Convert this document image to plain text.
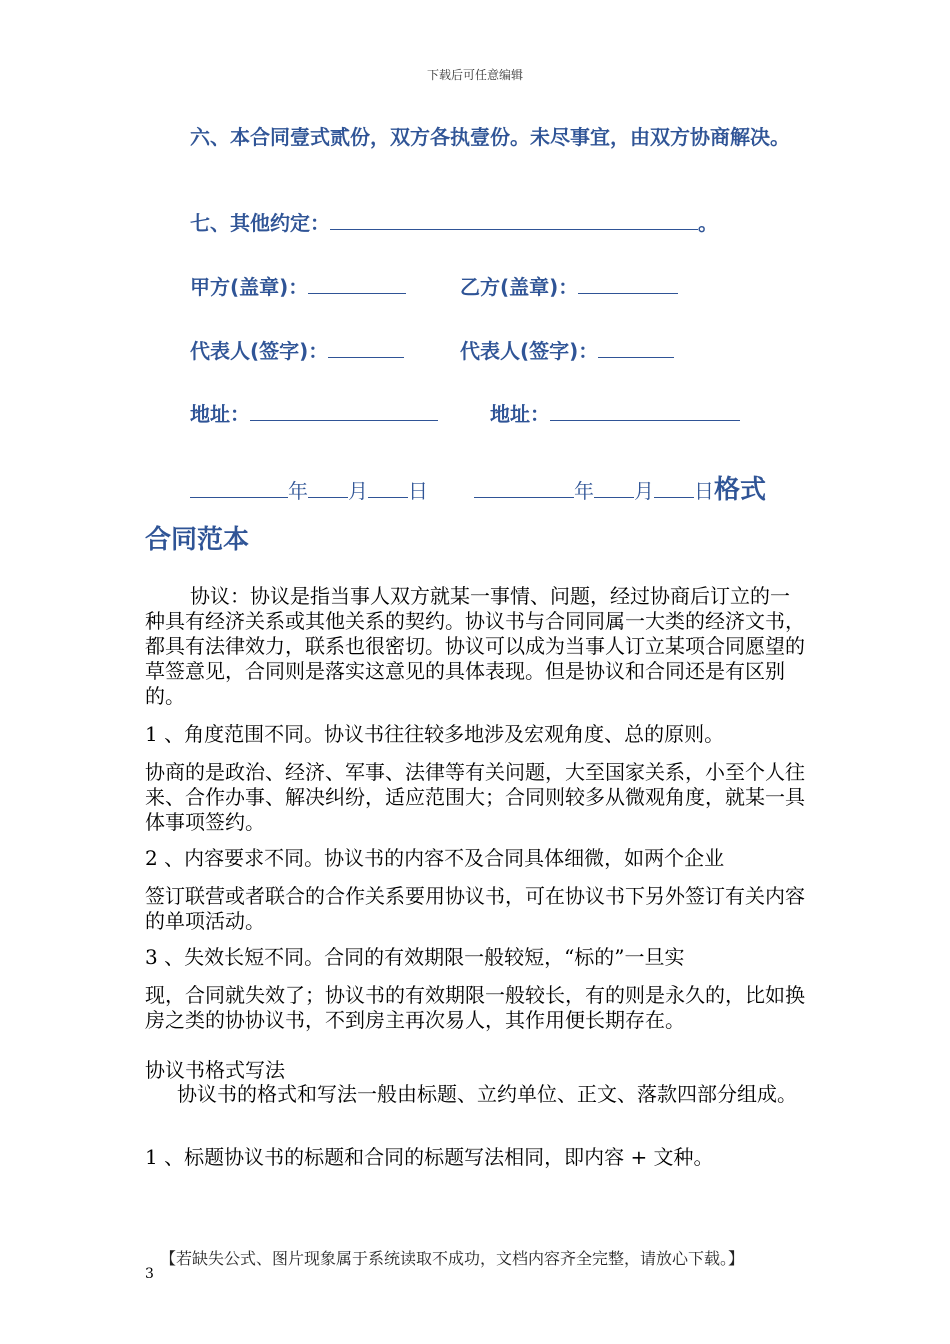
下载后可任意编辑
六、本合同壹式贰份，双方各执壹份。未尽事宜，由双方协商解决。
七、其他约定：	。
甲方(盖章)：	乙方(盖章)：
代表人(签字)：	代表人(签字)：
地址：	地址：
年 月 日	年 月 日格式
合同范本
协议：协议是指当事人双方就某一事情、问题，经过协商后订立的一种具有经济关系或其他关系的契约。协议书与合同同属一大类的经济文书，都具有法律效力，联系也很密切。协议可以成为当事人订立某项合同愿望的草签意见，合同则是落实这意见的具体表现。但是协议和合同还是有区别的。
1 、角度范围不同。协议书往往较多地涉及宏观角度、总的原则。
协商的是政治、经济、军事、法律等有关问题，大至国家关系，小至个人往来、合作办事、解决纠纷，适应范围大；合同则较多从微观角度，就某一具体事项签约。
2 、内容要求不同。协议书的内容不及合同具体细微，如两个企业
签订联营或者联合的合作关系要用协议书，可在协议书下另外签订有关内容的单项活动。
3 、失效长短不同。合同的有效期限一般较短，“标的”一旦实
现，合同就失效了；协议书的有效期限一般较长，有的则是永久的，比如换房之类的协协议书，不到房主再次易人，其作用便长期存在。
协议书格式写法
协议书的格式和写法一般由标题、立约单位、正文、落款四部分组成。
1 、标题协议书的标题和合同的标题写法相同，即内容 + 文种。
【若缺失公式、图片现象属于系统读取不成功，文档内容齐全完整，请放心下载。】
3
